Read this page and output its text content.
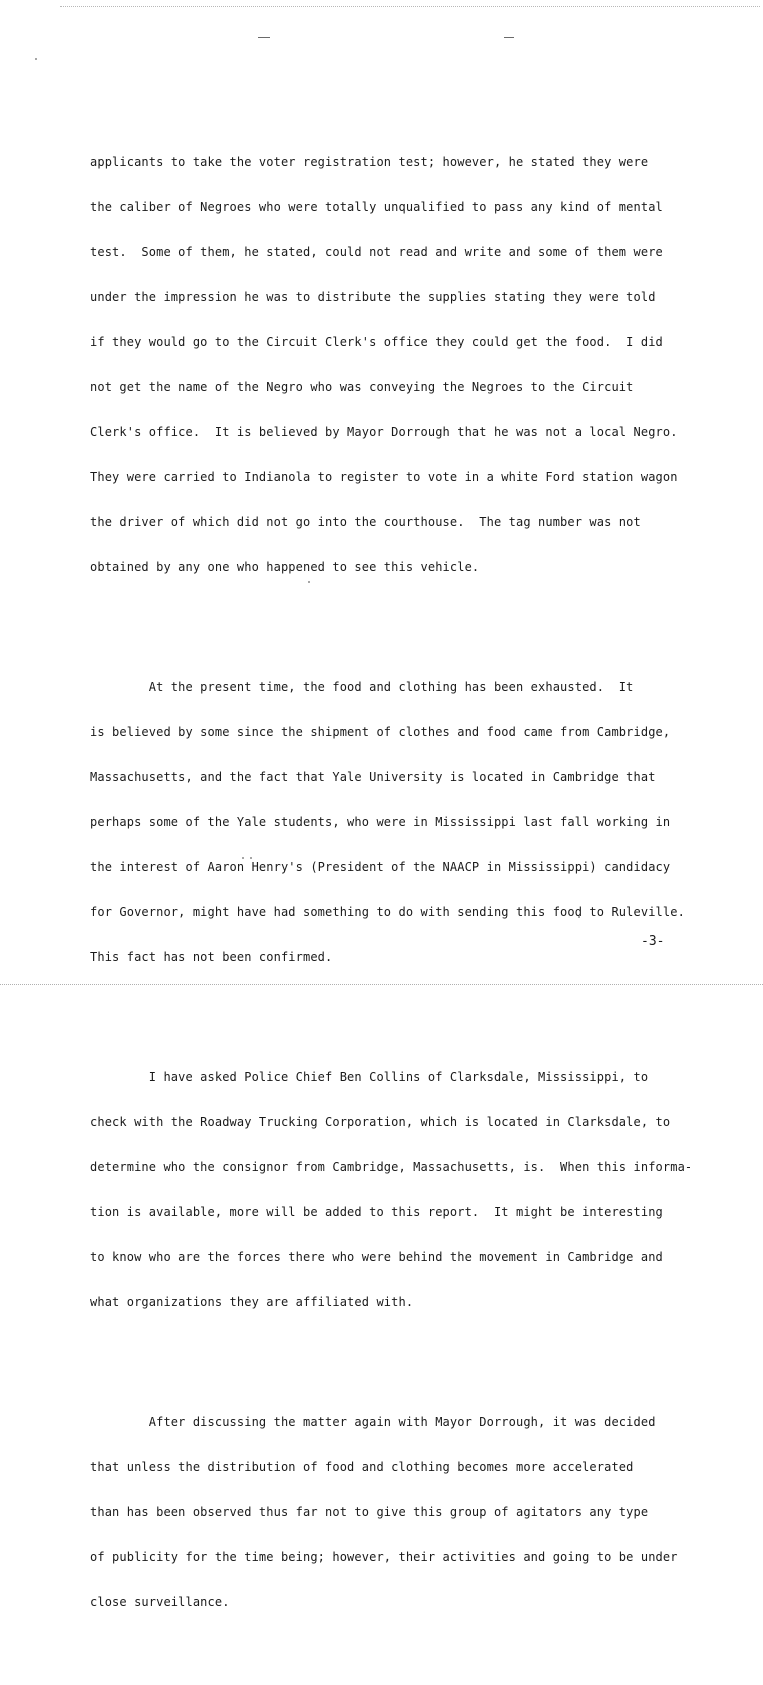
applicants to take the voter registration test; however, he stated they were

the caliber of Negroes who were totally unqualified to pass any kind of mental

test.  Some of them, he stated, could not read and write and some of them were

under the impression he was to distribute the supplies stating they were told

if they would go to the Circuit Clerk's office they could get the food.  I did

not get the name of the Negro who was conveying the Negroes to the Circuit

Clerk's office.  It is believed by Mayor Dorrough that he was not a local Negro.

They were carried to Indianola to register to vote in a white Ford station wagon

the driver of which did not go into the courthouse.  The tag number was not

obtained by any one who happened to see this vehicle.

At the present time, the food and clothing has been exhausted.  It

is believed by some since the shipment of clothes and food came from Cambridge,

Massachusetts, and the fact that Yale University is located in Cambridge that

perhaps some of the Yale students, who were in Mississippi last fall working in

the interest of Aaron Henry's (President of the NAACP in Mississippi) candidacy

for Governor, might have had something to do with sending this food to Ruleville.

This fact has not been confirmed.

I have asked Police Chief Ben Collins of Clarksdale, Mississippi, to

check with the Roadway Trucking Corporation, which is located in Clarksdale, to

determine who the consignor from Cambridge, Massachusetts, is.  When this informa-

tion is available, more will be added to this report.  It might be interesting

to know who are the forces there who were behind the movement in Cambridge and

what organizations they are affiliated with.

After discussing the matter again with Mayor Dorrough, it was decided

that unless the distribution of food and clothing becomes more accelerated

than has been observed thus far not to give this group of agitators any type

of publicity for the time being; however, their activities and going to be under

close surveillance.

-3-
